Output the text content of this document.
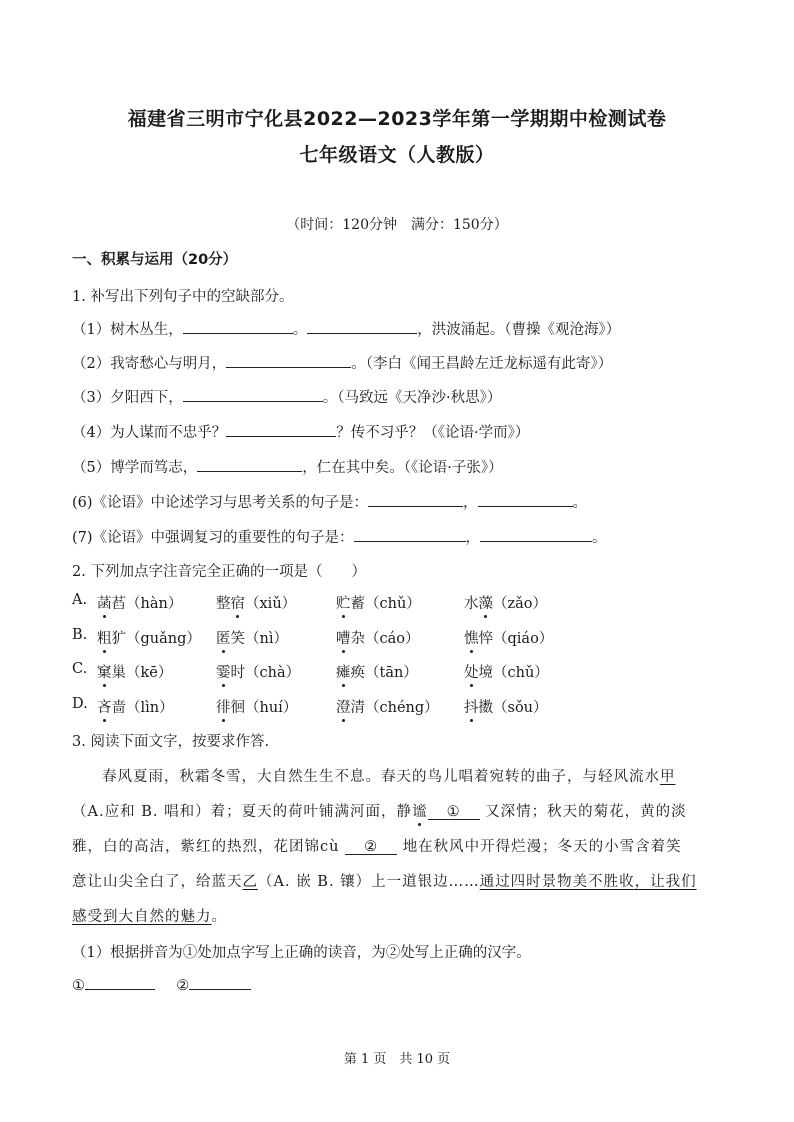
福建省三明市宁化县2022—2023学年第一学期期中检测试卷
七年级语文（人教版）
（时间：120分钟　满分：150分）
一、积累与运用（20分）
1. 补写出下列句子中的空缺部分。
（1）树木丛生，	。	，洪波涌起。（曹操《观沧海》）
（2）我寄愁心与明月，	。（李白《闻王昌龄左迁龙标遥有此寄》）
（3）夕阳西下，	。（马致远《天净沙·秋思》）
（4）为人谋而不忠乎？	？传不习乎？（《论语·学而》）
（5）博学而笃志，	，仁在其中矣。（《论语·子张》）
(6)《论语》中论述学习与思考关系的句子是：	，	。
(7)《论语》中强调复习的重要性的句子是：	，	。
2. 下列加点字注音完全正确的一项是（　　）
A. 菡萏（hàn） 整宿（xiǔ）	贮蓄（chǔ）	水藻（zǎo）
B. 粗犷（guǎng） 匿笑（nì）	嘈杂（cáo）	憔悴（qiáo）
C. 窠巢（kē）	霎时（chà） 瘫痪（tān）	处境（chǔ）
D. 吝啬（lìn）	徘徊（huí）	澄清（chéng） 抖擞（sǒu）
3. 阅读下面文字，按要求作答.
春风夏雨，秋霜冬雪，大自然生生不息。春天的鸟儿唱着宛转的曲子，与轻风流水甲
（A.应和 B. 唱和）着；夏天的荷叶铺满河面，静谧 ① 又深情；秋天的菊花，黄的淡
雅，白的高洁，紫红的热烈，花团锦cù ② 地在秋风中开得烂漫；冬天的小雪含着笑
意让山尖全白了，给蓝天乙（A. 嵌 B. 镶）上一道银边……通过四时景物美不胜收，让我们
感受到大自然的魅力。
（1）根据拼音为①处加点字写上正确的读音，为②处写上正确的汉字。
①	②
第 1 页　共 10 页
